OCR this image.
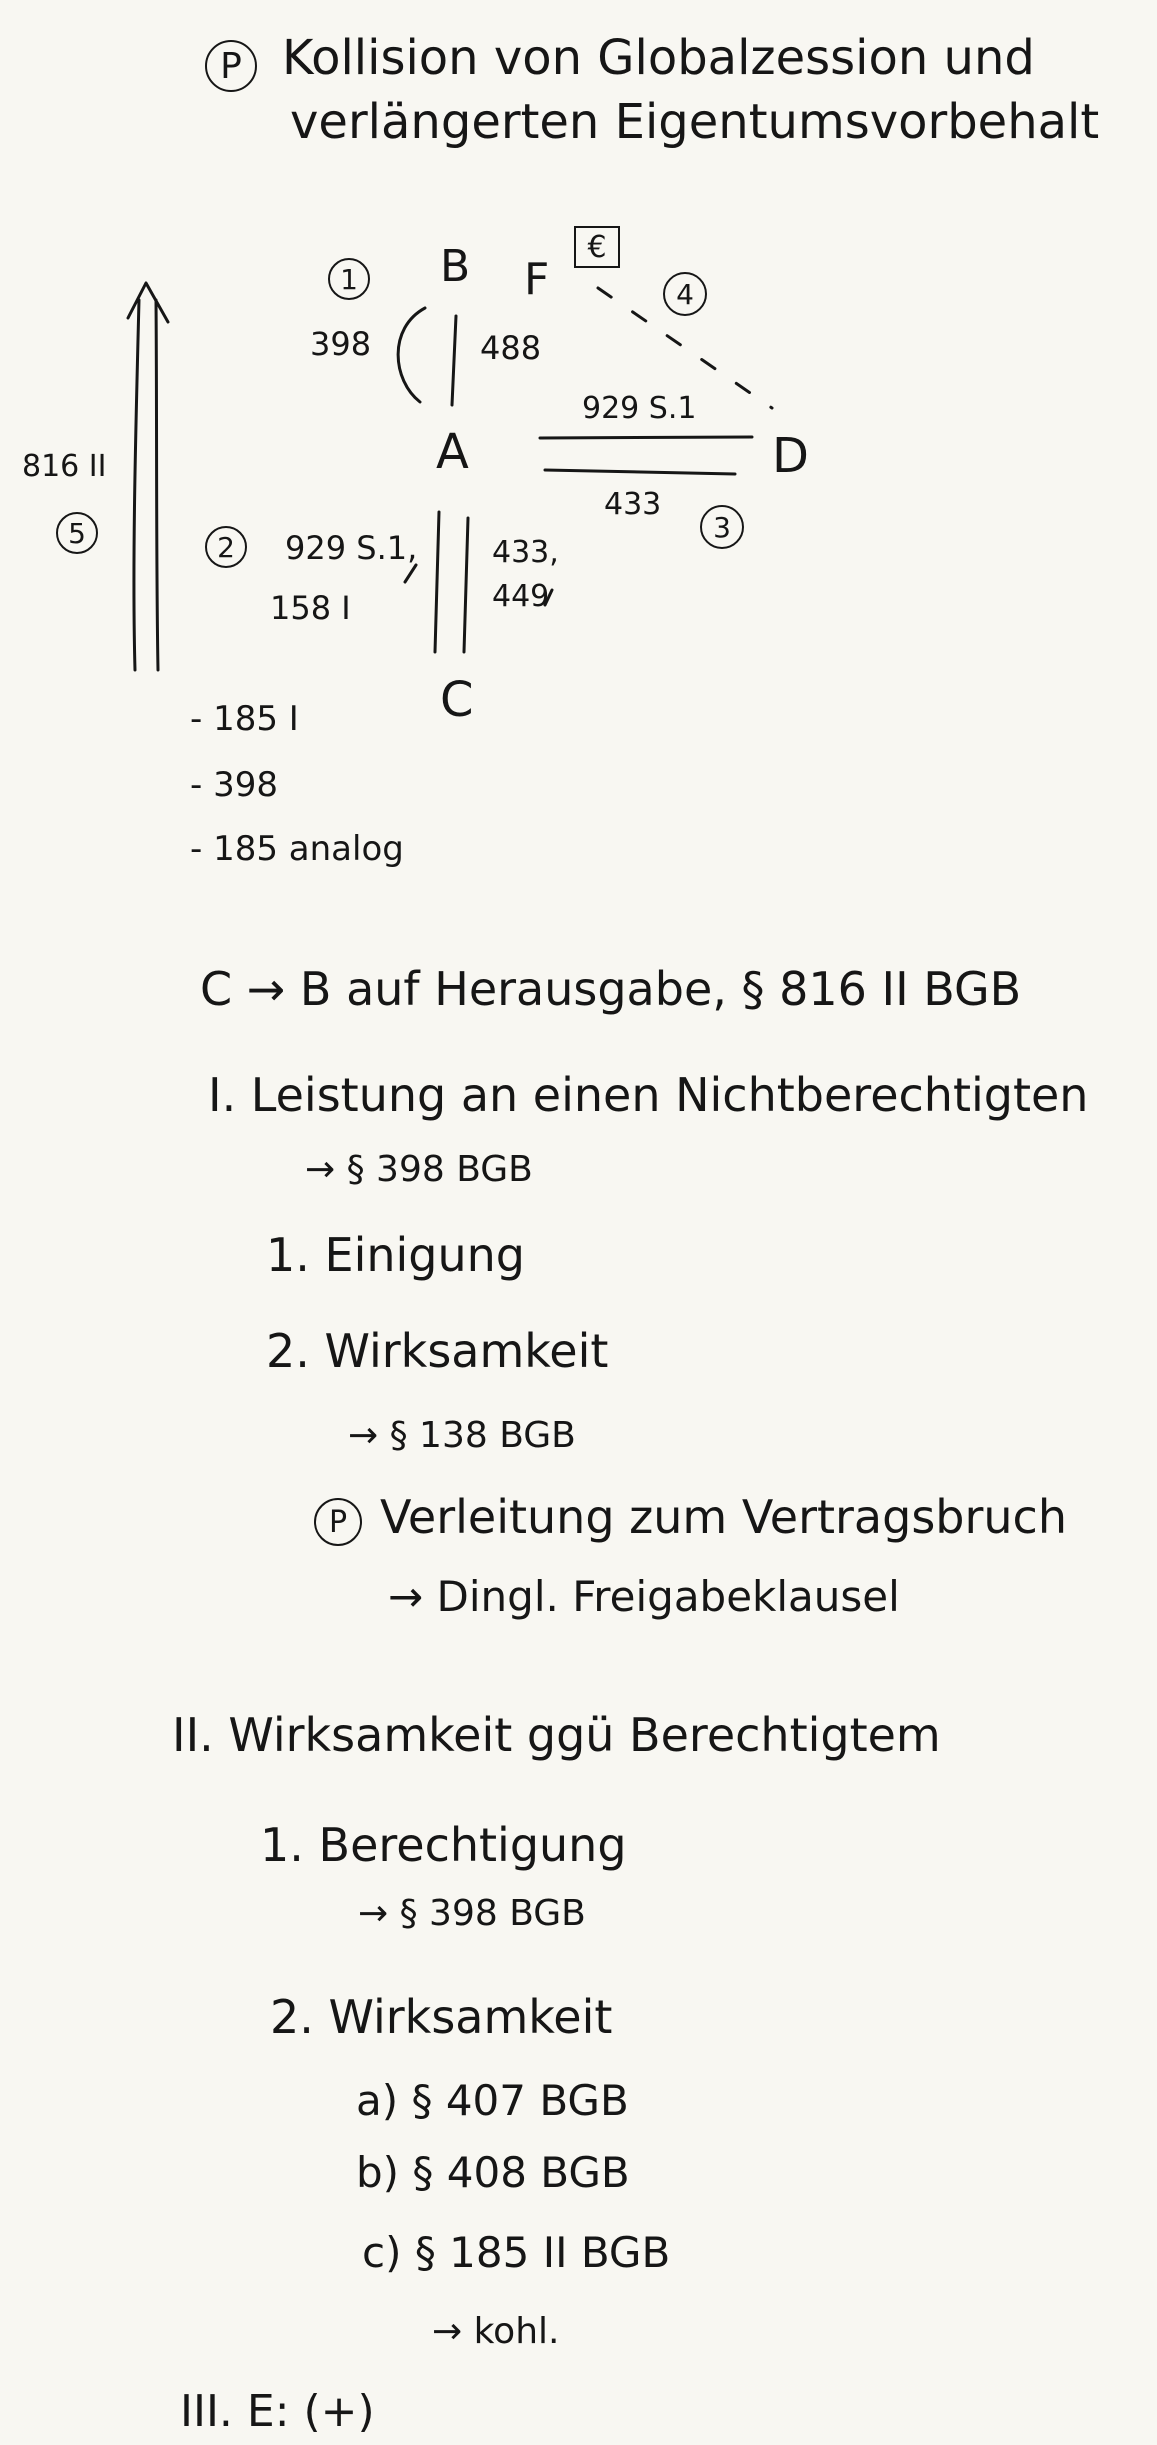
P Kollision von Globalzession und
verlängerten Eigentumsvorbehalt
1	4
3
2
5
B F
€
A	D
C
398	488
929 S.1
433
929 S.1,
158 I
433,
449
816 II
- 185 I
- 398
- 185 analog
C → B auf Herausgabe, § 816 II BGB
I. Leistung an einen Nichtberechtigten
→ § 398 BGB
1. Einigung
2. Wirksamkeit
→ § 138 BGB
P Verleitung zum Vertragsbruch
→ Dingl. Freigabeklausel
II. Wirksamkeit ggü Berechtigtem
1. Berechtigung
→ § 398 BGB
2. Wirksamkeit
a) § 407 BGB
b) § 408 BGB
c) § 185 II BGB
→ kohl.
III. E: (+)
